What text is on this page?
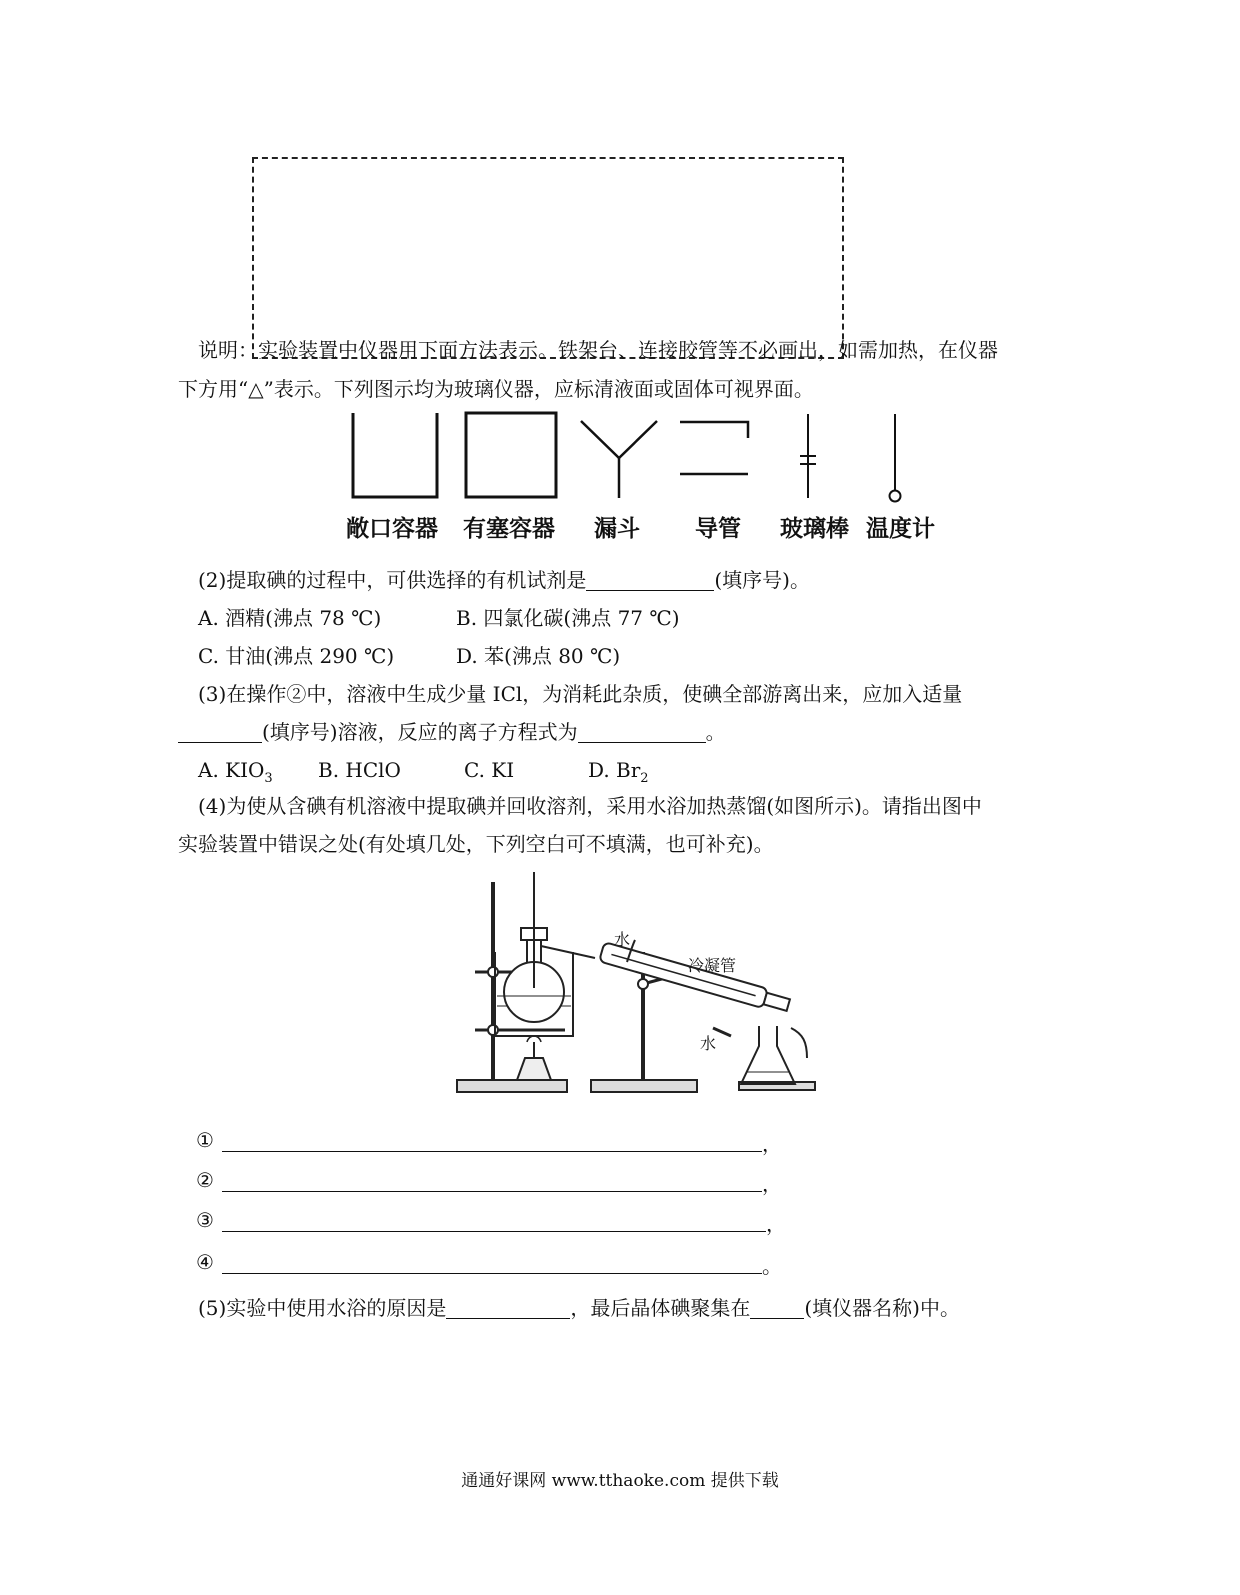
说明：实验装置中仪器用下面方法表示。铁架台、连接胶管等不必画出，如需加热，在仪器
下方用“△”表示。下列图示均为玻璃仪器，应标清液面或固体可视界面。
敞口容器 有塞容器 漏斗 导管 玻璃棒 温度计
(2)提取碘的过程中，可供选择的有机试剂是	(填序号)。
A. 酒精(沸点 78 ℃)	B. 四氯化碳(沸点 77 ℃)
C. 甘油(沸点 290 ℃)	D. 苯(沸点 80 ℃)
(3)在操作②中，溶液中生成少量 ICl，为消耗此杂质，使碘全部游离出来，应加入适量
(填序号)溶液，反应的离子方程式为	。
A. $KIO_3$ B. HClO	C. KI	D. $Br_2$
(4)为使从含碘有机溶液中提取碘并回收溶剂，采用水浴加热蒸馏(如图所示)。请指出图中
实验装置中错误之处(有处填几处，下列空白可不填满，也可补充)。
水
冷凝管
水
①	，
②	，
③	，
④	。
(5)实验中使用水浴的原因是	，最后晶体碘聚集在	(填仪器名称)中。
通通好课网 www.tthaoke.com 提供下载
